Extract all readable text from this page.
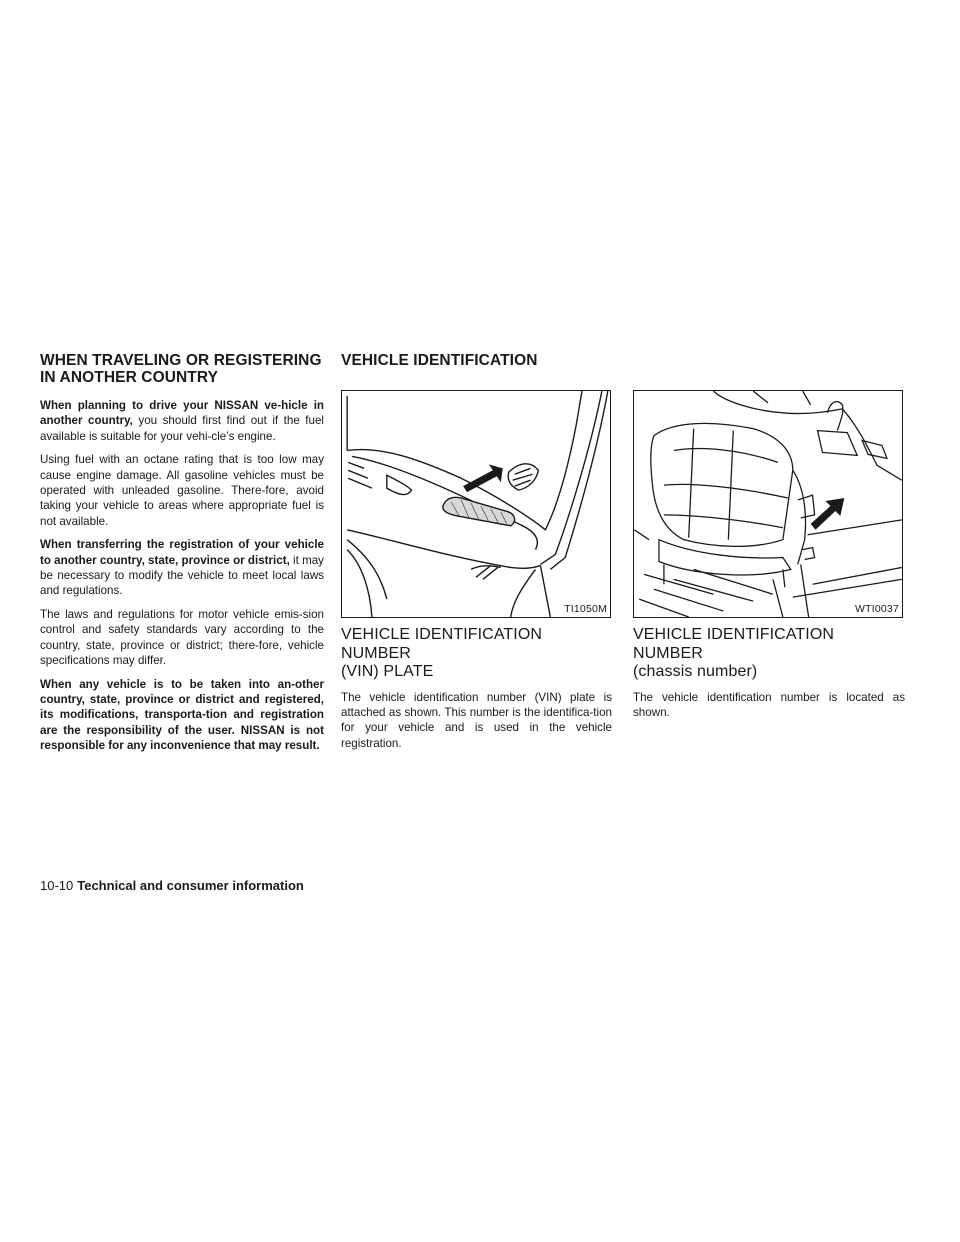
WHEN TRAVELING OR REGISTERING
IN ANOTHER COUNTRY

When planning to drive your NISSAN ve-hicle in another country, you should first find out if the fuel available is suitable for your vehi-cle’s engine.

Using fuel with an octane rating that is too low may cause engine damage. All gasoline vehicles must be operated with unleaded gasoline. There-fore, avoid taking your vehicle to areas where appropriate fuel is not available.

When transferring the registration of your vehicle to another country, state, province or district, it may be necessary to modify the vehicle to meet local laws and regulations.

The laws and regulations for motor vehicle emis-sion control and safety standards vary according to the country, state, province or district; there-fore, vehicle specifications may differ.

When any vehicle is to be taken into an-other country, state, province or district and registered, its modifications, transporta-tion and registration are the responsibility of the user. NISSAN is not responsible for any inconvenience that may result.

VEHICLE IDENTIFICATION
TI1050M
VEHICLE IDENTIFICATION NUMBER
(VIN) PLATE

The vehicle identification number (VIN) plate is attached as shown. This number is the identifica-tion for your vehicle and is used in the vehicle registration.

WTI0037
VEHICLE IDENTIFICATION NUMBER
(chassis number)

The vehicle identification number is located as shown.

10-10 Technical and consumer information
